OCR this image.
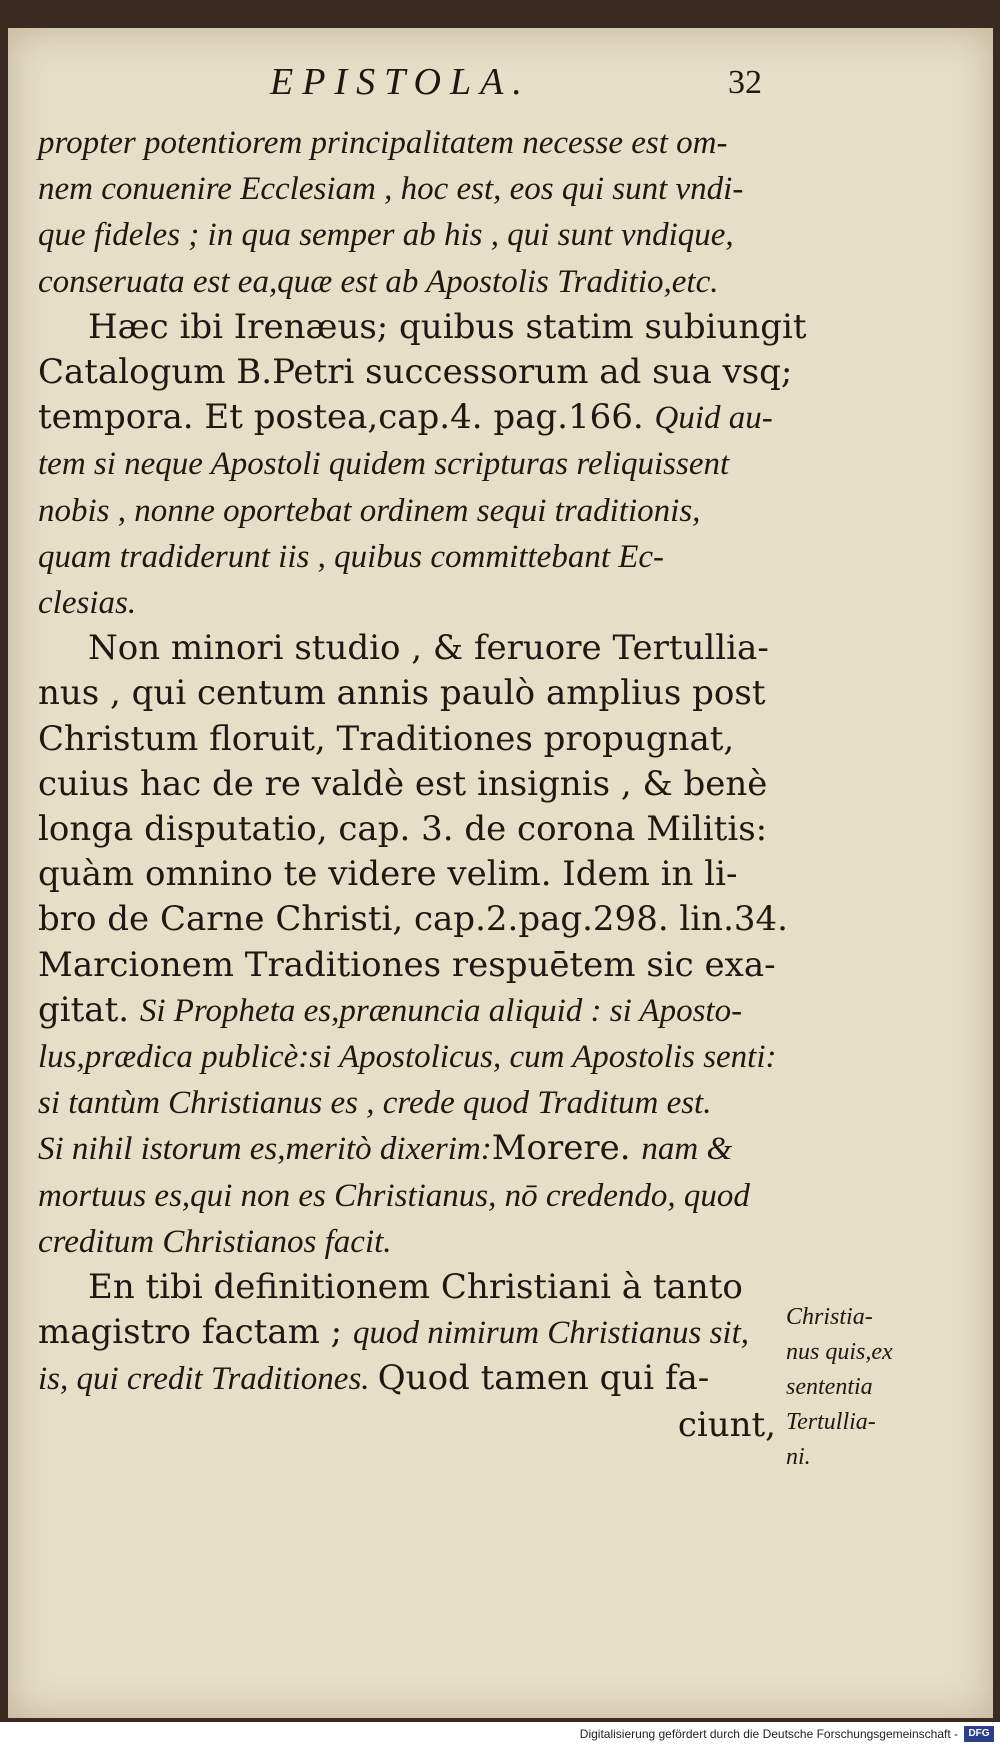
EPISTOLA.	32

propter potentiorem principalitatem necesse est om-
nem conuenire Ecclesiam , hoc est, eos qui sunt vndi-
que fideles ; in qua semper ab his , qui sunt vndique,
conseruata est ea,quæ est ab Apostolis Traditio,etc.

Hæc ibi Irenæus; quibus statim subiungit
Catalogum B.Petri successorum ad sua vsq;
tempora. Et postea,cap.4. pag.166. Quid au-
tem si neque Apostoli quidem scripturas reliquissent
nobis , nonne oportebat ordinem sequi traditionis,
quam tradiderunt iis , quibus committebant Ec-
clesias.

Non minori studio , & feruore Tertullia-
nus , qui centum annis paulò amplius post
Christum floruit, Traditiones propugnat,
cuius hac de re valdè est insignis , & benè
longa disputatio, cap. 3. de corona Militis:
quàm omnino te videre velim. Idem in li-
bro de Carne Christi, cap.2.pag.298. lin.34.
Marcionem Traditiones respuētem sic exa-
gitat. Si Propheta es,prænuncia aliquid : si Aposto-
lus,prædica publicè:si Apostolicus, cum Apostolis senti:
si tantùm Christianus es , crede quod Traditum est.
Si nihil istorum es,meritò dixerim:Morere. nam &
mortuus es,qui non es Christianus, nō credendo, quod
creditum Christianos facit.

En tibi definitionem Christiani à tanto
magistro factam ; quod nimirum Christianus sit,
is, qui credit Traditiones. Quod tamen qui fa-
ciunt,

Christia-
nus quis,ex
sententia
Tertullia-
ni.
Digitalisierung gefördert durch die Deutsche Forschungsgemeinschaft -	DFG
